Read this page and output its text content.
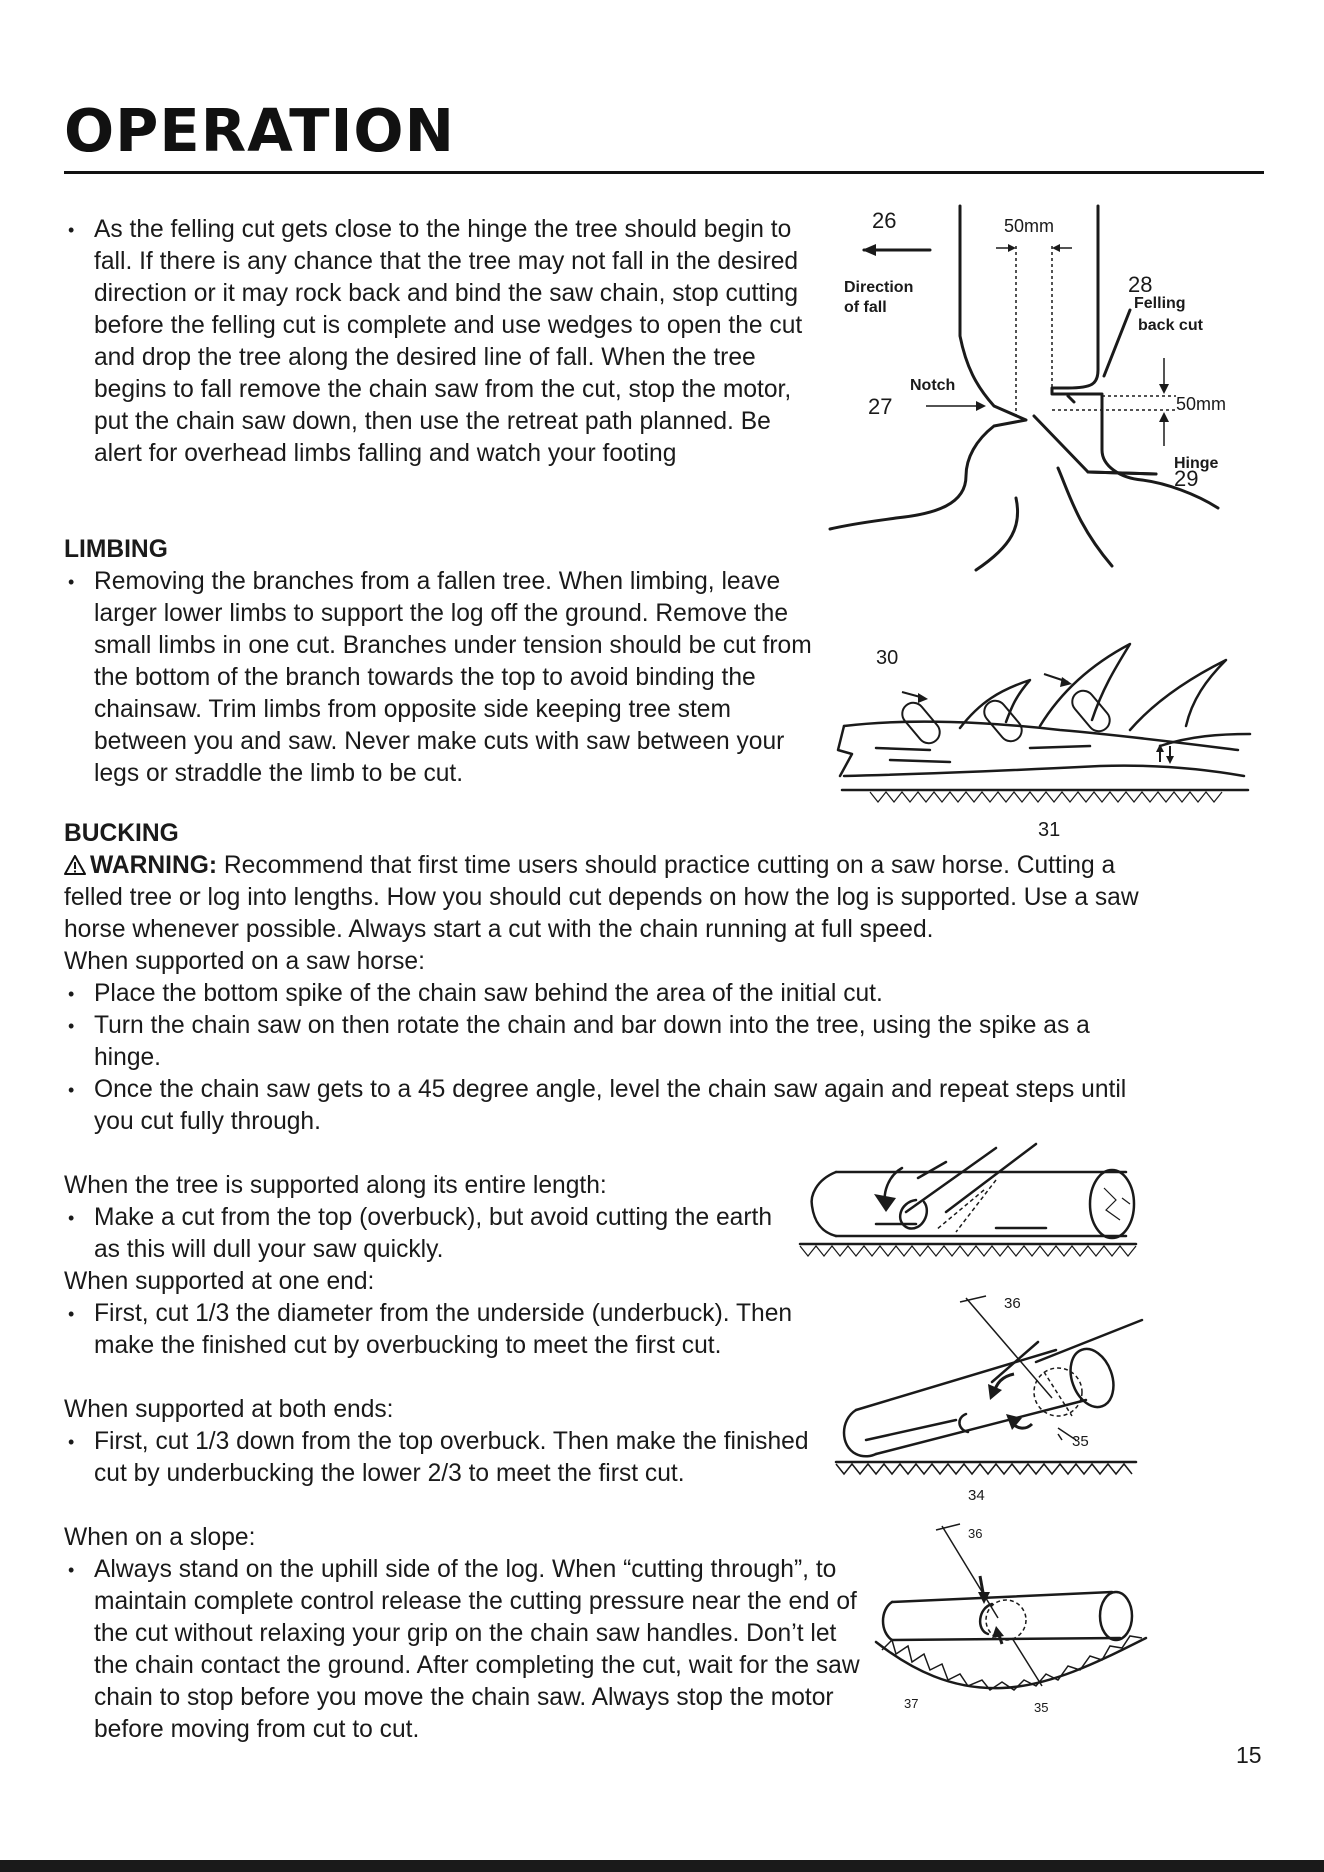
OPERATION
• As the felling cut gets close to the hinge the tree should begin to fall. If there is any chance that the tree may not fall in the desired direction or it may rock back and bind the saw chain, stop cutting before the felling cut is complete and use wedges to open the cut and drop the tree along the desired line of fall. When the tree begins to fall remove the chain saw from the cut, stop the motor, put the chain saw down, then use the retreat path planned. Be alert for overhead limbs falling and watch your footing

LIMBING

• Removing the branches from a fallen tree. When limbing, leave larger lower limbs to support the log off the ground. Remove the small limbs in one cut. Branches under tension should be cut from the bottom of the branch towards the top to avoid binding the chainsaw. Trim limbs from opposite side keeping tree stem between you and saw. Never make cuts with saw between your legs or straddle the limb to be cut.

BUCKING

WARNING: Recommend that first time users should practice cutting on a saw horse. Cutting a felled tree or log into lengths. How you should cut depends on how the log is supported. Use a saw horse whenever possible. Always start a cut with the chain running at full speed.

When supported on a saw horse:

• Place the bottom spike of the chain saw behind the area of the initial cut.
• Turn the chain saw on then rotate the chain and bar down into the tree, using the spike as a hinge.
• Once the chain saw gets to a 45 degree angle, level the chain saw again and repeat steps until you cut fully through.

When the tree is supported along its entire length:

• Make a cut from the top (overbuck), but avoid cutting the earth as this will dull your saw quickly.

When supported at one end:

• First, cut 1/3 the diameter from the underside (underbuck). Then make the finished cut by overbucking to meet the first cut.

When supported at both ends:

• First, cut 1/3 down from the top overbuck. Then make the finished cut by underbucking the lower 2/3 to meet the first cut.

When on a slope:

• Always stand on the uphill side of the log. When “cutting through”, to maintain complete control release the cutting pressure near the end of the cut without relaxing your grip on the chain saw handles. Don’t let the chain contact the ground. After completing the cut, wait for the saw chain to stop before you move the chain saw. Always stop the motor before moving from cut to cut.
26	50mm
Direction
of fall
28
Felling
back cut
Notch
27	50mm
Hinge
29
30
31
36
35
34
36
37	35
15
